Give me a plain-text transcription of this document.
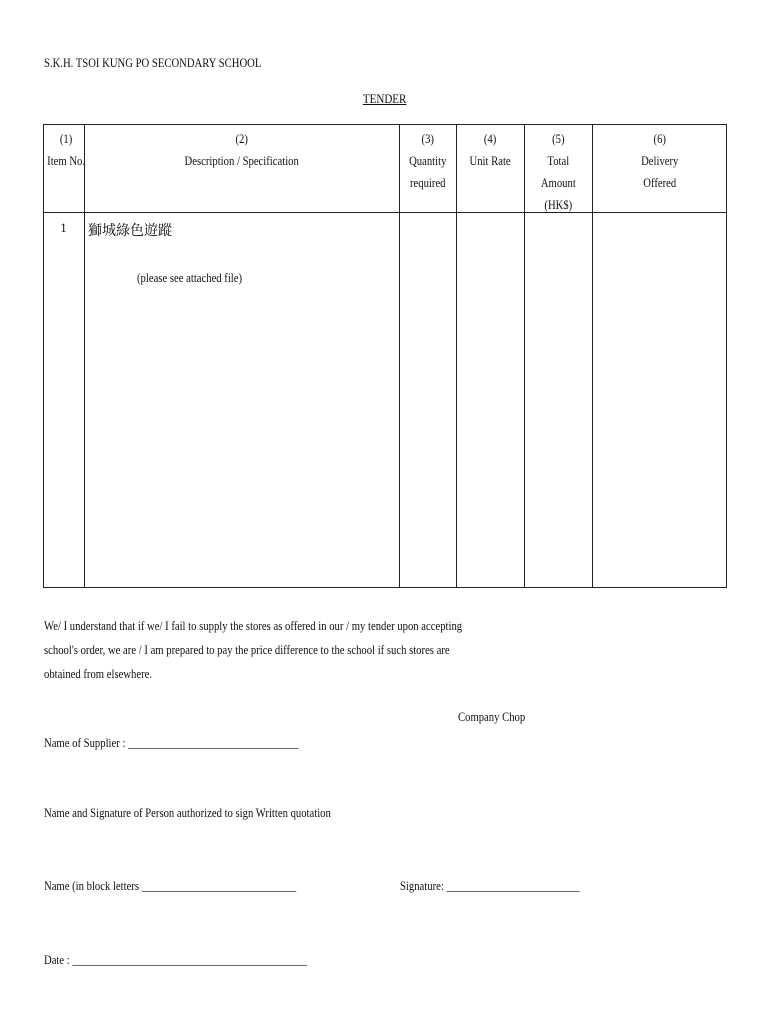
S.K.H. TSOI KUNG PO SECONDARY SCHOOL
TENDER
(1)
Item No.
(2)
Description / Specification
(3)
Quantity
required
(4)
Unit Rate
(5)
Total
Amount
(HK$)
(6)
Delivery
Offered
1	獅城綠色遊蹤
(please see attached file)
We/ I understand that if we/ I fail to supply the stores as offered in our / my tender upon accepting
school's order, we are / I am prepared to pay the price difference to the school if such stores are
obtained from elsewhere.
Company Chop
Name of Supplier : ________________________________
Name and Signature of Person authorized to sign Written quotation
Name (in block letters _____________________________	Signature: _________________________
Date : ____________________________________________
